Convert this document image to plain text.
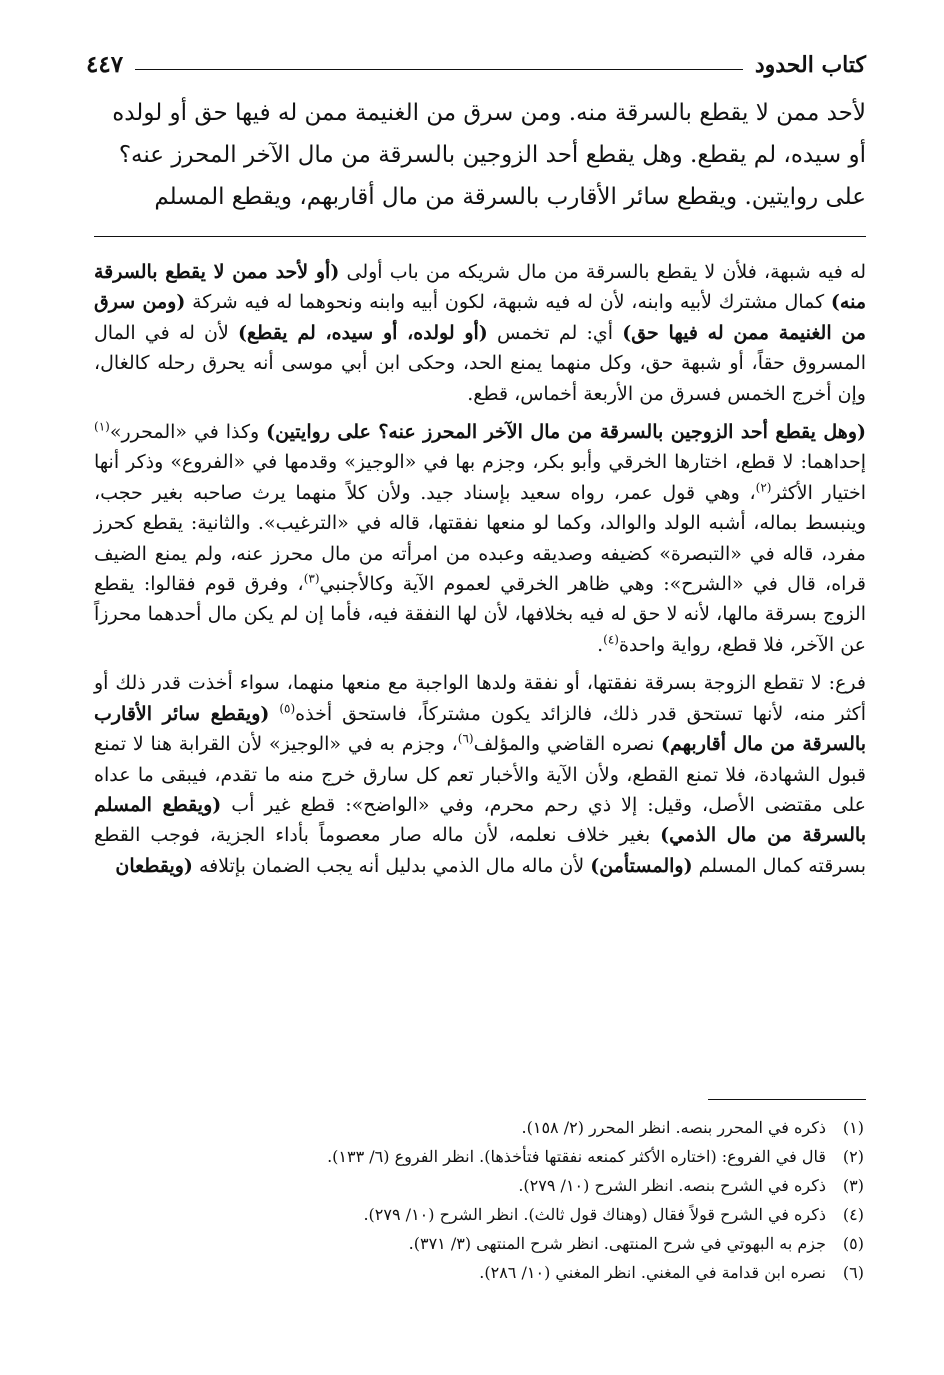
كتاب الحدود
٤٤٧

لأحد ممن لا يقطع بالسرقة منه. ومن سرق من الغنيمة ممن له فيها حق أو لولده

أو سيده، لم يقطع. وهل يقطع أحد الزوجين بالسرقة من مال الآخر المحرز عنه؟

على روايتين. ويقطع سائر الأقارب بالسرقة من مال أقاربهم، ويقطع المسلم

له فيه شبهة، فلأن لا يقطع بالسرقة من مال شريكه من باب أولى (أو لأحد ممن لا يقطع بالسرقة منه) كمال مشترك لأبيه وابنه، لأن له فيه شبهة، لكون أبيه وابنه ونحوهما له فيه شركة (ومن سرق من الغنيمة ممن له فيها حق) أي: لم تخمس (أو لولده، أو سيده، لم يقطع) لأن له في المال المسروق حقاً، أو شبهة حق، وكل منهما يمنع الحد، وحكى ابن أبي موسى أنه يحرق رحله كالغال، وإن أخرج الخمس فسرق من الأربعة أخماس، قطع.

(وهل يقطع أحد الزوجين بالسرقة من مال الآخر المحرز عنه؟ على روايتين) وكذا في «المحرر»$^{(١)}$ إحداهما: لا قطع، اختارها الخرقي وأبو بكر، وجزم بها في «الوجيز» وقدمها في «الفروع» وذكر أنها اختيار الأكثر$^{(٢)}$، وهي قول عمر، رواه سعيد بإسناد جيد. ولأن كلاً منهما يرث صاحبه بغير حجب، وينبسط بماله، أشبه الولد والوالد، وكما لو منعها نفقتها، قاله في «الترغيب». والثانية: يقطع كحرز مفرد، قاله في «التبصرة» كضيفه وصديقه وعبده من امرأته من مال محرز عنه، ولم يمنع الضيف قراه، قال في «الشرح»: وهي ظاهر الخرقي لعموم الآية وكالأجنبي$^{(٣)}$، وفرق قوم فقالوا: يقطع الزوج بسرقة مالها، لأنه لا حق له فيه بخلافها، لأن لها النفقة فيه، فأما إن لم يكن مال أحدهما محرزاً عن الآخر، فلا قطع، رواية واحدة$^{(٤)}$.

فرع: لا تقطع الزوجة بسرقة نفقتها، أو نفقة ولدها الواجبة مع منعها منهما، سواء أخذت قدر ذلك أو أكثر منه، لأنها تستحق قدر ذلك، فالزائد يكون مشتركاً، فاستحق أخذه$^{(٥)}$ (ويقطع سائر الأقارب بالسرقة من مال أقاربهم) نصره القاضي والمؤلف$^{(٦)}$، وجزم به في «الوجيز» لأن القرابة هنا لا تمنع قبول الشهادة، فلا تمنع القطع، ولأن الآية والأخبار تعم كل سارق خرج منه ما تقدم، فيبقى ما عداه على مقتضى الأصل، وقيل: إلا ذي رحم محرم، وفي «الواضح»: قطع غير أب (ويقطع المسلم بالسرقة من مال الذمي) بغير خلاف نعلمه، لأن ماله صار معصوماً بأداء الجزية، فوجب القطع بسرقته كمال المسلم (والمستأمن) لأن ماله مال الذمي بدليل أنه يجب الضمان بإتلافه (ويقطعان

(١)
ذكره في المحرر بنصه. انظر المحرر (٢/ ١٥٨).
(٢)
قال في الفروع: (اختاره الأكثر كمنعه نفقتها فتأخذها). انظر الفروع (٦/ ١٣٣).
(٣)
ذكره في الشرح بنصه. انظر الشرح (١٠/ ٢٧٩).
(٤)
ذكره في الشرح قولاً فقال (وهناك قول ثالث). انظر الشرح (١٠/ ٢٧٩).
(٥)
جزم به البهوتي في شرح المنتهى. انظر شرح المنتهى (٣/ ٣٧١).
(٦)
نصره ابن قدامة في المغني. انظر المغني (١٠/ ٢٨٦).
